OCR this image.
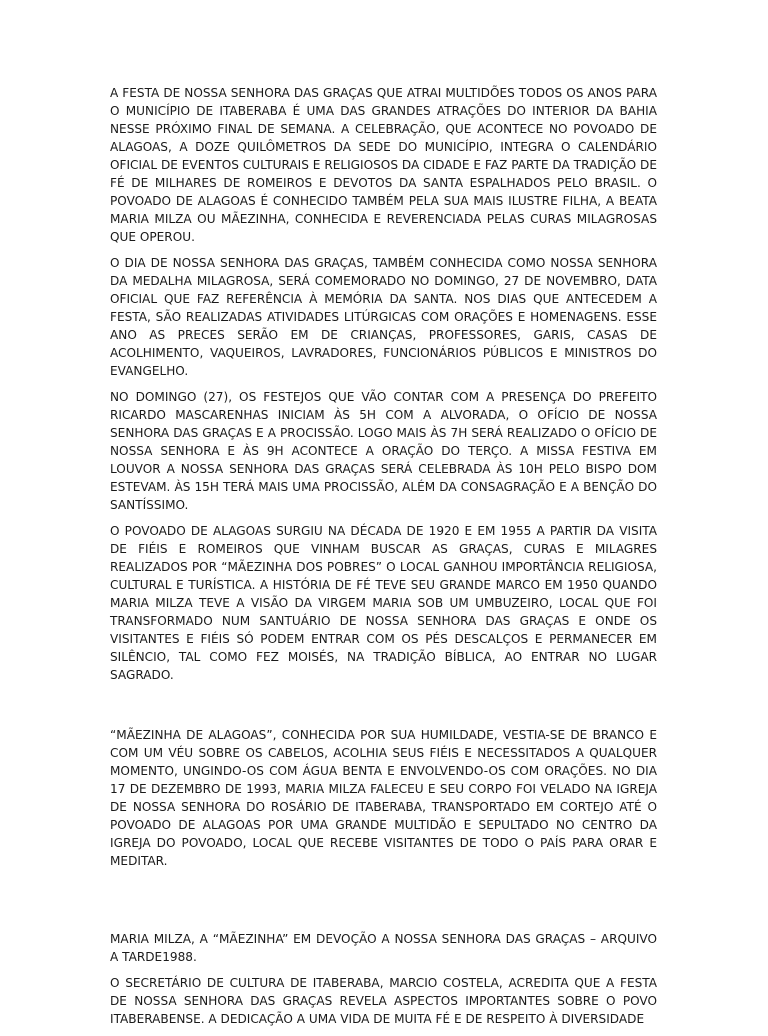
A FESTA DE NOSSA SENHORA DAS GRAÇAS QUE ATRAI MULTIDÕES TODOS OS ANOS PARA O MUNICÍPIO DE ITABERABA É UMA DAS GRANDES ATRAÇÕES DO INTERIOR DA BAHIA NESSE PRÓXIMO FINAL DE SEMANA. A CELEBRAÇÃO, QUE ACONTECE NO POVOADO DE ALAGOAS, A DOZE QUILÔMETROS DA SEDE DO MUNICÍPIO, INTEGRA O CALENDÁRIO OFICIAL DE EVENTOS CULTURAIS E RELIGIOSOS DA CIDADE E FAZ PARTE DA TRADIÇÃO DE FÉ DE MILHARES DE ROMEIROS E DEVOTOS DA SANTA ESPALHADOS PELO BRASIL. O POVOADO DE ALAGOAS É CONHECIDO TAMBÉM PELA SUA MAIS ILUSTRE FILHA, A BEATA MARIA MILZA OU MÃEZINHA, CONHECIDA E REVERENCIADA PELAS CURAS MILAGROSAS QUE OPEROU.

O DIA DE NOSSA SENHORA DAS GRAÇAS, TAMBÉM CONHECIDA COMO NOSSA SENHORA DA MEDALHA MILAGROSA, SERÁ COMEMORADO NO DOMINGO, 27 DE NOVEMBRO, DATA OFICIAL QUE FAZ REFERÊNCIA À MEMÓRIA DA SANTA. NOS DIAS QUE ANTECEDEM A FESTA, SÃO REALIZADAS ATIVIDADES LITÚRGICAS COM ORAÇÕES E HOMENAGENS. ESSE ANO AS PRECES SERÃO EM DE CRIANÇAS, PROFESSORES, GARIS, CASAS DE ACOLHIMENTO, VAQUEIROS, LAVRADORES, FUNCIONÁRIOS PÚBLICOS E MINISTROS DO EVANGELHO.

NO DOMINGO (27), OS FESTEJOS QUE VÃO CONTAR COM A PRESENÇA DO PREFEITO RICARDO MASCARENHAS INICIAM ÀS 5H COM A ALVORADA, O OFÍCIO DE NOSSA SENHORA DAS GRAÇAS E A PROCISSÃO. LOGO MAIS ÀS 7H SERÁ REALIZADO O OFÍCIO DE NOSSA SENHORA E ÀS 9H ACONTECE A ORAÇÃO DO TERÇO. A MISSA FESTIVA EM LOUVOR A NOSSA SENHORA DAS GRAÇAS SERÁ CELEBRADA ÀS 10H PELO BISPO DOM ESTEVAM. ÀS 15H TERÁ MAIS UMA PROCISSÃO, ALÉM DA CONSAGRAÇÃO E A BENÇÃO DO SANTÍSSIMO.

O POVOADO DE ALAGOAS SURGIU NA DÉCADA DE 1920 E EM 1955 A PARTIR DA VISITA DE FIÉIS E ROMEIROS QUE VINHAM BUSCAR AS GRAÇAS, CURAS E MILAGRES REALIZADOS POR “MÃEZINHA DOS POBRES” O LOCAL GANHOU IMPORTÂNCIA RELIGIOSA, CULTURAL E TURÍSTICA. A HISTÓRIA DE FÉ TEVE SEU GRANDE MARCO EM 1950 QUANDO MARIA MILZA TEVE A VISÃO DA VIRGEM MARIA SOB UM UMBUZEIRO, LOCAL QUE FOI TRANSFORMADO NUM SANTUÁRIO DE NOSSA SENHORA DAS GRAÇAS E ONDE OS VISITANTES E FIÉIS SÓ PODEM ENTRAR COM OS PÉS DESCALÇOS E PERMANECER EM SILÊNCIO, TAL COMO FEZ MOISÉS, NA TRADIÇÃO BÍBLICA, AO ENTRAR NO LUGAR SAGRADO.

“MÃEZINHA DE ALAGOAS”, CONHECIDA POR SUA HUMILDADE, VESTIA-SE DE BRANCO E COM UM VÉU SOBRE OS CABELOS, ACOLHIA SEUS FIÉIS E NECESSITADOS A QUALQUER MOMENTO, UNGINDO-OS COM ÁGUA BENTA E ENVOLVENDO-OS COM ORAÇÕES. NO DIA 17 DE DEZEMBRO DE 1993, MARIA MILZA FALECEU E SEU CORPO FOI VELADO NA IGREJA DE NOSSA SENHORA DO ROSÁRIO DE ITABERABA, TRANSPORTADO EM CORTEJO ATÉ O POVOADO DE ALAGOAS POR UMA GRANDE MULTIDÃO E SEPULTADO NO CENTRO DA IGREJA DO POVOADO, LOCAL QUE RECEBE VISITANTES DE TODO O PAÍS PARA ORAR E MEDITAR.

MARIA MILZA, A “MÃEZINHA” EM DEVOÇÃO A NOSSA SENHORA DAS GRAÇAS – ARQUIVO A TARDE1988.

O SECRETÁRIO DE CULTURA DE ITABERABA, MARCIO COSTELA, ACREDITA QUE A FESTA DE NOSSA SENHORA DAS GRAÇAS REVELA ASPECTOS IMPORTANTES SOBRE O POVO ITABERABENSE. A DEDICAÇÃO A UMA VIDA DE MUITA FÉ E DE RESPEITO À DIVERSIDADE
